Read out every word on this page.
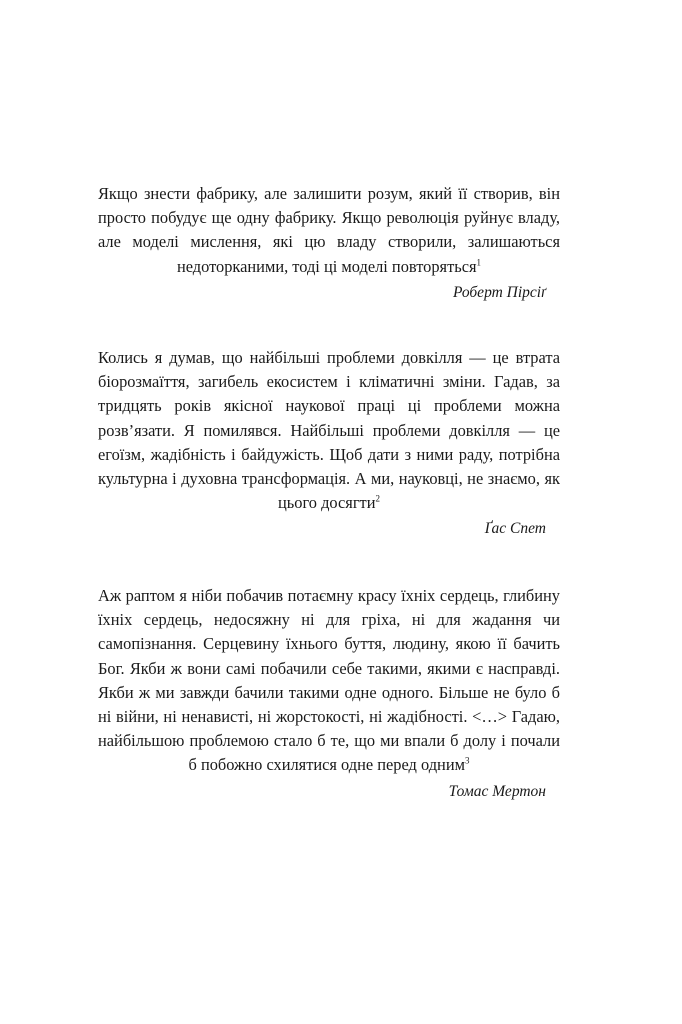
Якщо знести фабрику, але залишити розум, який її створив, він просто побудує ще одну фабрику. Якщо революція руйнує владу, але моделі мислення, які цю владу створили, залишаються недоторканими, тоді ці моделі повторяться$^1$

Роберт Пірсіґ

Колись я думав, що найбільші проблеми довкілля — це втрата біорозмаїття, загибель екосистем і кліматичні зміни. Гадав, за тридцять років якісної наукової праці ці проблеми можна розв’язати. Я помилявся. Найбільші проблеми довкілля — це егоїзм, жадібність і байдужість. Щоб дати з ними раду, потрібна культурна і духовна трансформація. А ми, науковці, не знаємо, як цього досягти$^2$

Ґас Спет

Аж раптом я ніби побачив потаємну красу їхніх сердець, глибину їхніх сердець, недосяжну ні для гріха, ні для жадання чи самопізнання. Серцевину їхнього буття, людину, якою її бачить Бог. Якби ж вони самі побачили себе такими, якими є насправді. Якби ж ми завжди бачили такими одне одного. Більше не було б ні війни, ні ненависті, ні жорстокості, ні жадібності. <…> Гадаю, найбільшою проблемою стало б те, що ми впали б долу і почали б побожно схилятися одне перед одним$^3$

Томас Мертон
